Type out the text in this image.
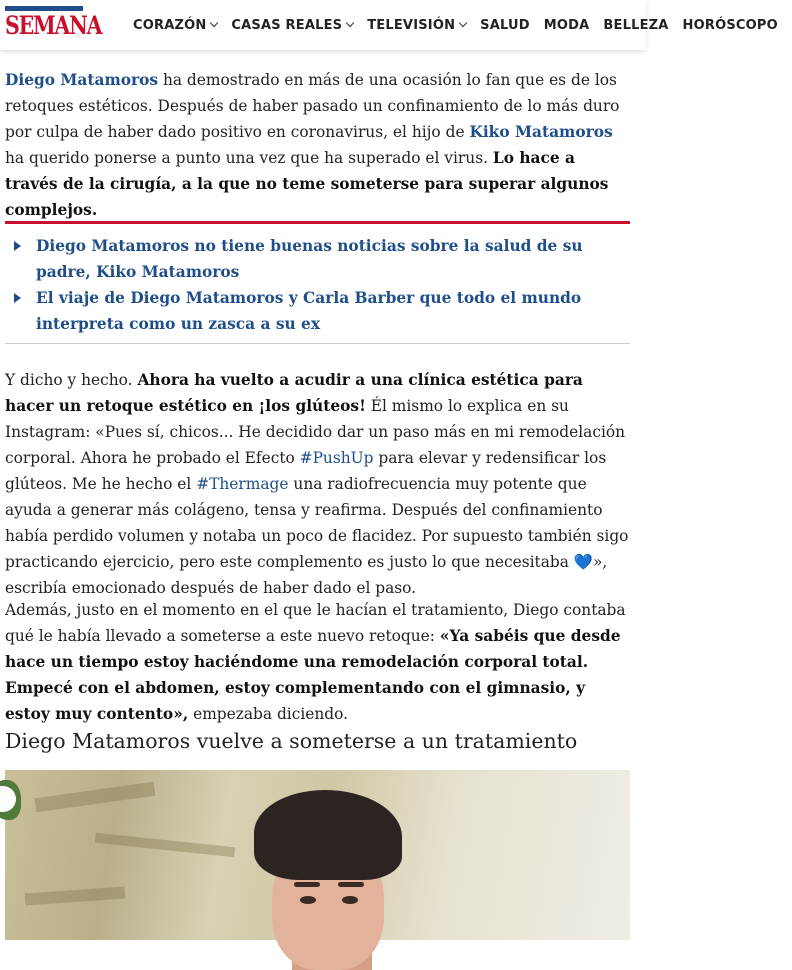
SEMANA CORAZÓN CASAS REALES TELEVISIÓN SALUD MODA BELLEZA HORÓSCOPO

Diego Matamoros ha demostrado en más de una ocasión lo fan que es de los retoques estéticos. Después de haber pasado un confinamiento de lo más duro por culpa de haber dado positivo en coronavirus, el hijo de Kiko Matamoros ha querido ponerse a punto una vez que ha superado el virus. Lo hace a través de la cirugía, a la que no teme someterse para superar algunos complejos.

Diego Matamoros no tiene buenas noticias sobre la salud de su padre, Kiko Matamoros
El viaje de Diego Matamoros y Carla Barber que todo el mundo interpreta como un zasca a su ex

Y dicho y hecho. Ahora ha vuelto a acudir a una clínica estética para hacer un retoque estético en ¡los glúteos! Él mismo lo explica en su Instagram: «Pues sí, chicos... He decidido dar un paso más en mi remodelación corporal. Ahora he probado el Efecto #PushUp para elevar y redensificar los glúteos. Me he hecho el #Thermage una radiofrecuencia muy potente que ayuda a generar más colágeno, tensa y reafirma. Después del confinamiento había perdido volumen y notaba un poco de flacidez. Por supuesto también sigo practicando ejercicio, pero este complemento es justo lo que necesitaba 💙», escribía emocionado después de haber dado el paso.

Además, justo en el momento en el que le hacían el tratamiento, Diego contaba qué le había llevado a someterse a este nuevo retoque: «Ya sabéis que desde hace un tiempo estoy haciéndome una remodelación corporal total. Empecé con el abdomen, estoy complementando con el gimnasio, y estoy muy contento», empezaba diciendo.

Diego Matamoros vuelve a someterse a un tratamiento
